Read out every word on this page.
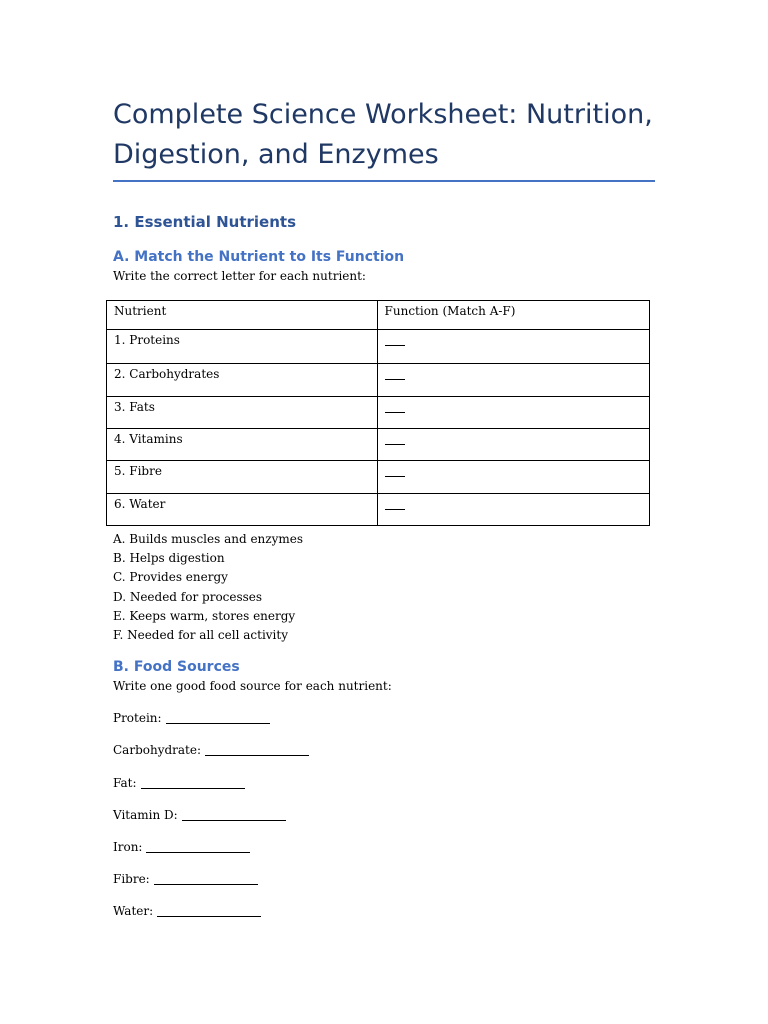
Complete Science Worksheet: Nutrition, Digestion, and Enzymes
1. Essential Nutrients
A. Match the Nutrient to Its Function

Write the correct letter for each nutrient:

Nutrient	Function (Match A-F)
1. Proteins	
2. Carbohydrates	
3. Fats	
4. Vitamins	
5. Fibre	
6. Water	
A. Builds muscles and enzymes
B. Helps digestion
C. Provides energy
D. Needed for processes
E. Keeps warm, stores energy
F. Needed for all cell activity
B. Food Sources

Write one good food source for each nutrient:

Protein:
Carbohydrate:
Fat:
Vitamin D:
Iron:
Fibre:
Water:
